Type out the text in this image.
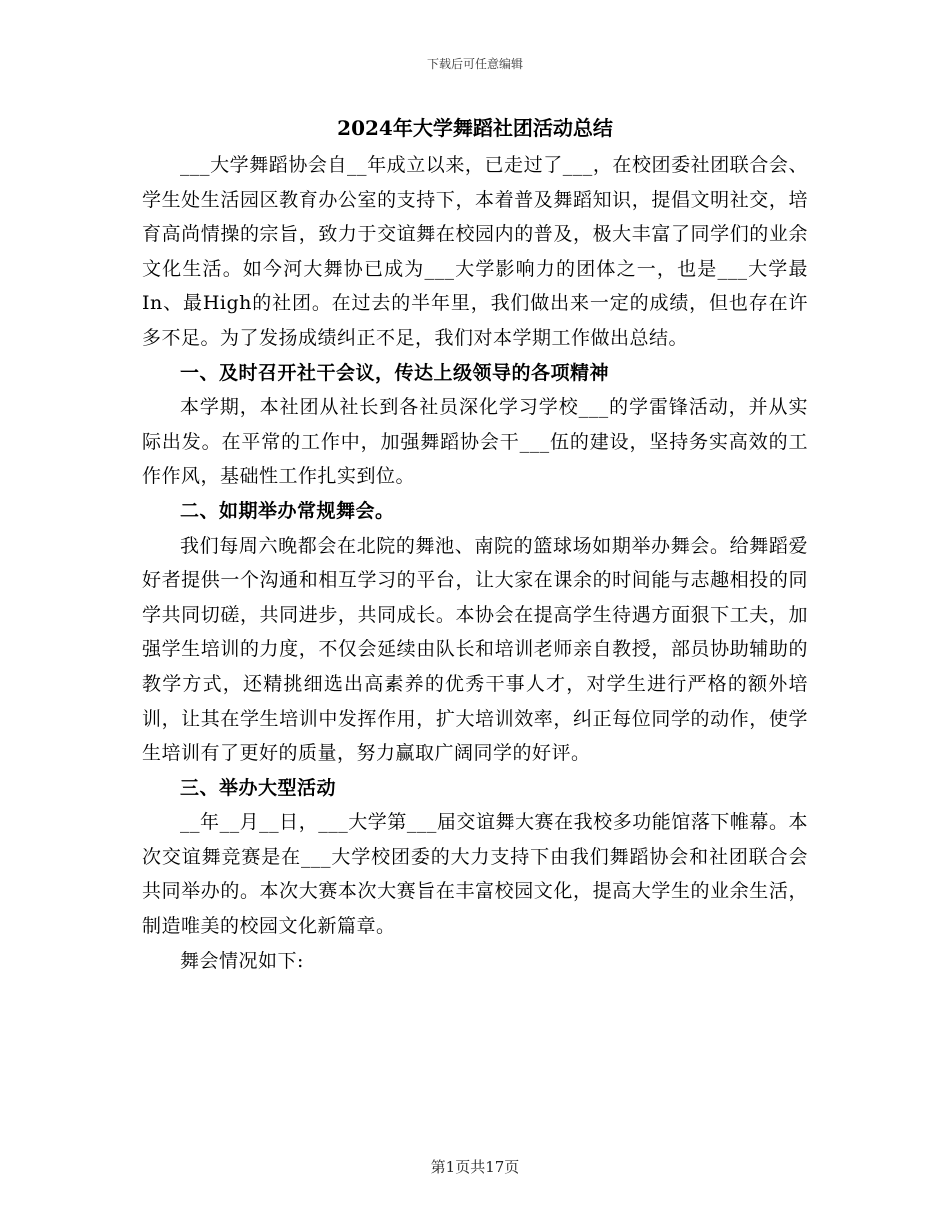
下载后可任意编辑
2024年大学舞蹈社团活动总结

___大学舞蹈协会自__年成立以来，已走过了___，在校团委社团联合会、学生处生活园区教育办公室的支持下，本着普及舞蹈知识，提倡文明社交，培育高尚情操的宗旨，致力于交谊舞在校园内的普及，极大丰富了同学们的业余文化生活。如今河大舞协已成为___大学影响力的团体之一，也是___大学最In、最High的社团。在过去的半年里，我们做出来一定的成绩，但也存在许多不足。为了发扬成绩纠正不足，我们对本学期工作做出总结。

一、及时召开社干会议，传达上级领导的各项精神

本学期，本社团从社长到各社员深化学习学校___的学雷锋活动，并从实际出发。在平常的工作中，加强舞蹈协会干___伍的建设，坚持务实高效的工作作风，基础性工作扎实到位。

二、如期举办常规舞会。

我们每周六晚都会在北院的舞池、南院的篮球场如期举办舞会。给舞蹈爱好者提供一个沟通和相互学习的平台，让大家在课余的时间能与志趣相投的同学共同切磋，共同进步，共同成长。本协会在提高学生待遇方面狠下工夫，加强学生培训的力度，不仅会延续由队长和培训老师亲自教授，部员协助辅助的教学方式，还精挑细选出高素养的优秀干事人才，对学生进行严格的额外培训，让其在学生培训中发挥作用，扩大培训效率，纠正每位同学的动作，使学生培训有了更好的质量，努力赢取广阔同学的好评。

三、举办大型活动

__年__月__日，___大学第___届交谊舞大赛在我校多功能馆落下帷幕。本次交谊舞竞赛是在___大学校团委的大力支持下由我们舞蹈协会和社团联合会共同举办的。本次大赛本次大赛旨在丰富校园文化，提高大学生的业余生活，制造唯美的校园文化新篇章。

舞会情况如下:

第1页共17页
